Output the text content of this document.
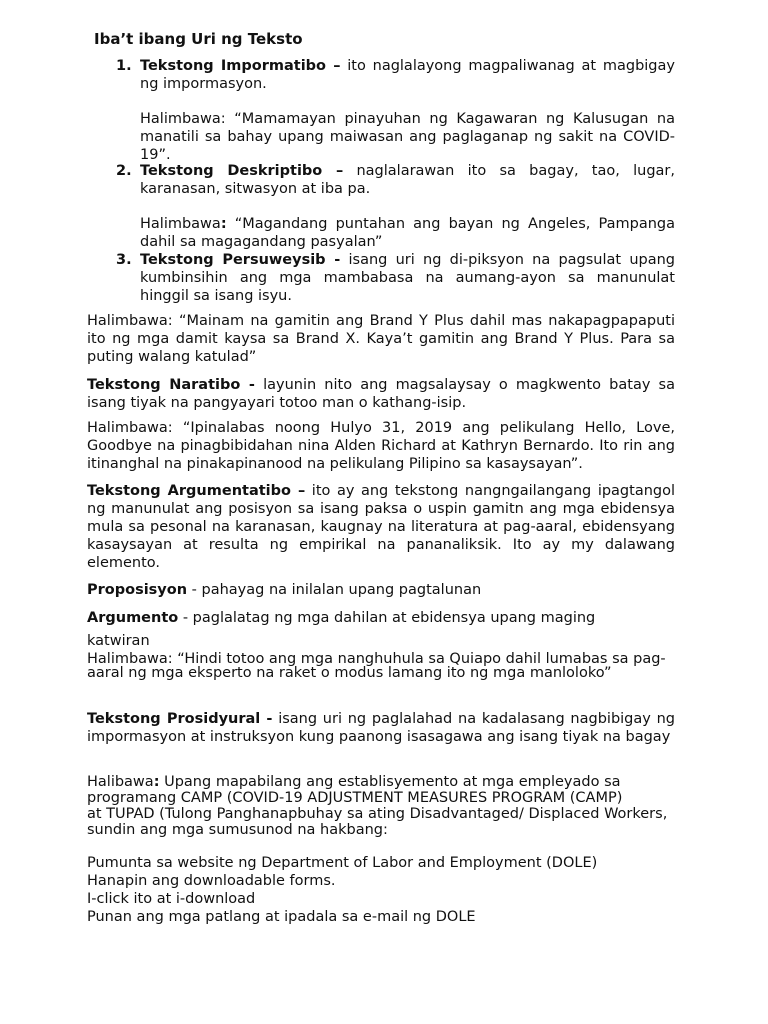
Iba’t ibang Uri ng Teksto
1. Tekstong Impormatibo – ito naglalayong magpaliwanag at magbigay ng impormasyon.

Halimbawa: “Mamamayan pinayuhan ng Kagawaran ng Kalusugan na manatili sa bahay upang maiwasan ang paglaganap ng sakit na COVID-19”.

2. Tekstong Deskriptibo – naglalarawan ito sa bagay, tao, lugar, karanasan, sitwasyon at iba pa.

Halimbawa: “Magandang puntahan ang bayan ng Angeles, Pampanga dahil sa magagandang pasyalan”

3. Tekstong Persuweysib - isang uri ng di-piksyon na pagsulat upang kumbinsihin ang mga mambabasa na aumang-ayon sa manunulat hinggil sa isang isyu.

Halimbawa: “Mainam na gamitin ang Brand Y Plus dahil mas nakapagpapaputi ito ng mga damit kaysa sa Brand X. Kaya’t gamitin ang Brand Y Plus. Para sa puting walang katulad”

Tekstong Naratibo - layunin nito ang magsalaysay o magkwento batay sa isang tiyak na pangyayari totoo man o kathang-isip.

Halimbawa: “Ipinalabas noong Hulyo 31, 2019 ang pelikulang Hello, Love, Goodbye na pinagbibidahan nina Alden Richard at Kathryn Bernardo. Ito rin ang itinanghal na pinakapinanood na pelikulang Pilipino sa kasaysayan”.

Tekstong Argumentatibo – ito ay ang tekstong nangngailangang ipagtangol ng manunulat ang posisyon sa isang paksa o uspin gamitn ang mga ebidensya mula sa pesonal na karanasan, kaugnay na literatura at pag-aaral, ebidensyang kasaysayan at resulta ng empirikal na pananaliksik. Ito ay my dalawang elemento.

Proposisyon - pahayag na inilalan upang pagtalunan

Argumento - paglalatag ng mga dahilan at ebidensya upang maging

katwiran

Halimbawa: “Hindi totoo ang mga nanghuhula sa Quiapo dahil lumabas sa pag-

aaral ng mga eksperto na raket o modus lamang ito ng mga manloloko”

Tekstong Prosidyural - isang uri ng paglalahad na kadalasang nagbibigay ng impormasyon at instruksyon kung paanong isasagawa ang isang tiyak na bagay

Halibawa: Upang mapabilang ang establisyemento at mga empleyado sa

programang CAMP (COVID-19 ADJUSTMENT MEASURES PROGRAM (CAMP)

at TUPAD (Tulong Panghanapbuhay sa ating Disadvantaged/ Displaced Workers,

sundin ang mga sumusunod na hakbang:

Pumunta sa website ng Department of Labor and Employment (DOLE)

Hanapin ang downloadable forms.

I-click ito at i-download

Punan ang mga patlang at ipadala sa e-mail ng DOLE
